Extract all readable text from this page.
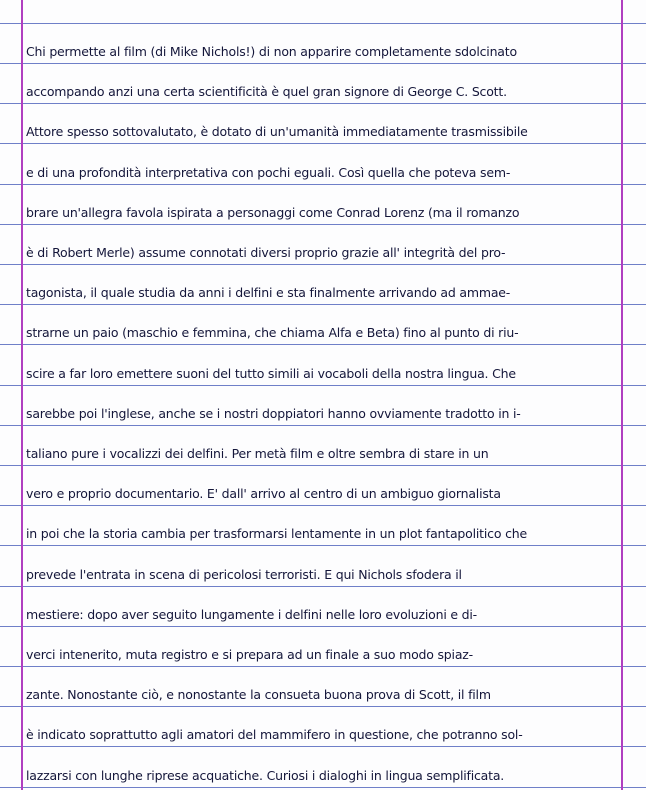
Chi permette al film (di Mike Nichols!) di non apparire completamente sdolcinato
accompando anzi una certa scientificità è quel gran signore di George C. Scott.
Attore spesso sottovalutato, è dotato di un'umanità immediatamente trasmissibile
e di una profondità interpretativa con pochi eguali. Così quella che poteva sem-
brare un'allegra favola ispirata a personaggi come Conrad Lorenz (ma il romanzo
è di Robert Merle) assume connotati diversi proprio grazie all' integrità del pro-
tagonista, il quale studia da anni i delfini e sta finalmente arrivando ad ammae-
strarne un paio (maschio e femmina, che chiama Alfa e Beta) fino al punto di riu-
scire a far loro emettere suoni del tutto simili ai vocaboli della nostra lingua. Che
sarebbe poi l'inglese, anche se i nostri doppiatori hanno ovviamente tradotto in i-
taliano pure i vocalizzi dei delfini. Per metà film e oltre sembra di stare in un
vero e proprio documentario. E' dall' arrivo al centro di un ambiguo giornalista
in poi che la storia cambia per trasformarsi lentamente in un plot fantapolitico che
prevede l'entrata in scena di pericolosi terroristi. E qui Nichols sfodera il
mestiere: dopo aver seguito lungamente i delfini nelle loro evoluzioni e di-
verci intenerito, muta registro e si prepara ad un finale a suo modo spiaz-
zante. Nonostante ciò, e nonostante la consueta buona prova di Scott, il film
è indicato soprattutto agli amatori del mammifero in questione, che potranno sol-
lazzarsi con lunghe riprese acquatiche. Curiosi i dialoghi in lingua semplificata.
